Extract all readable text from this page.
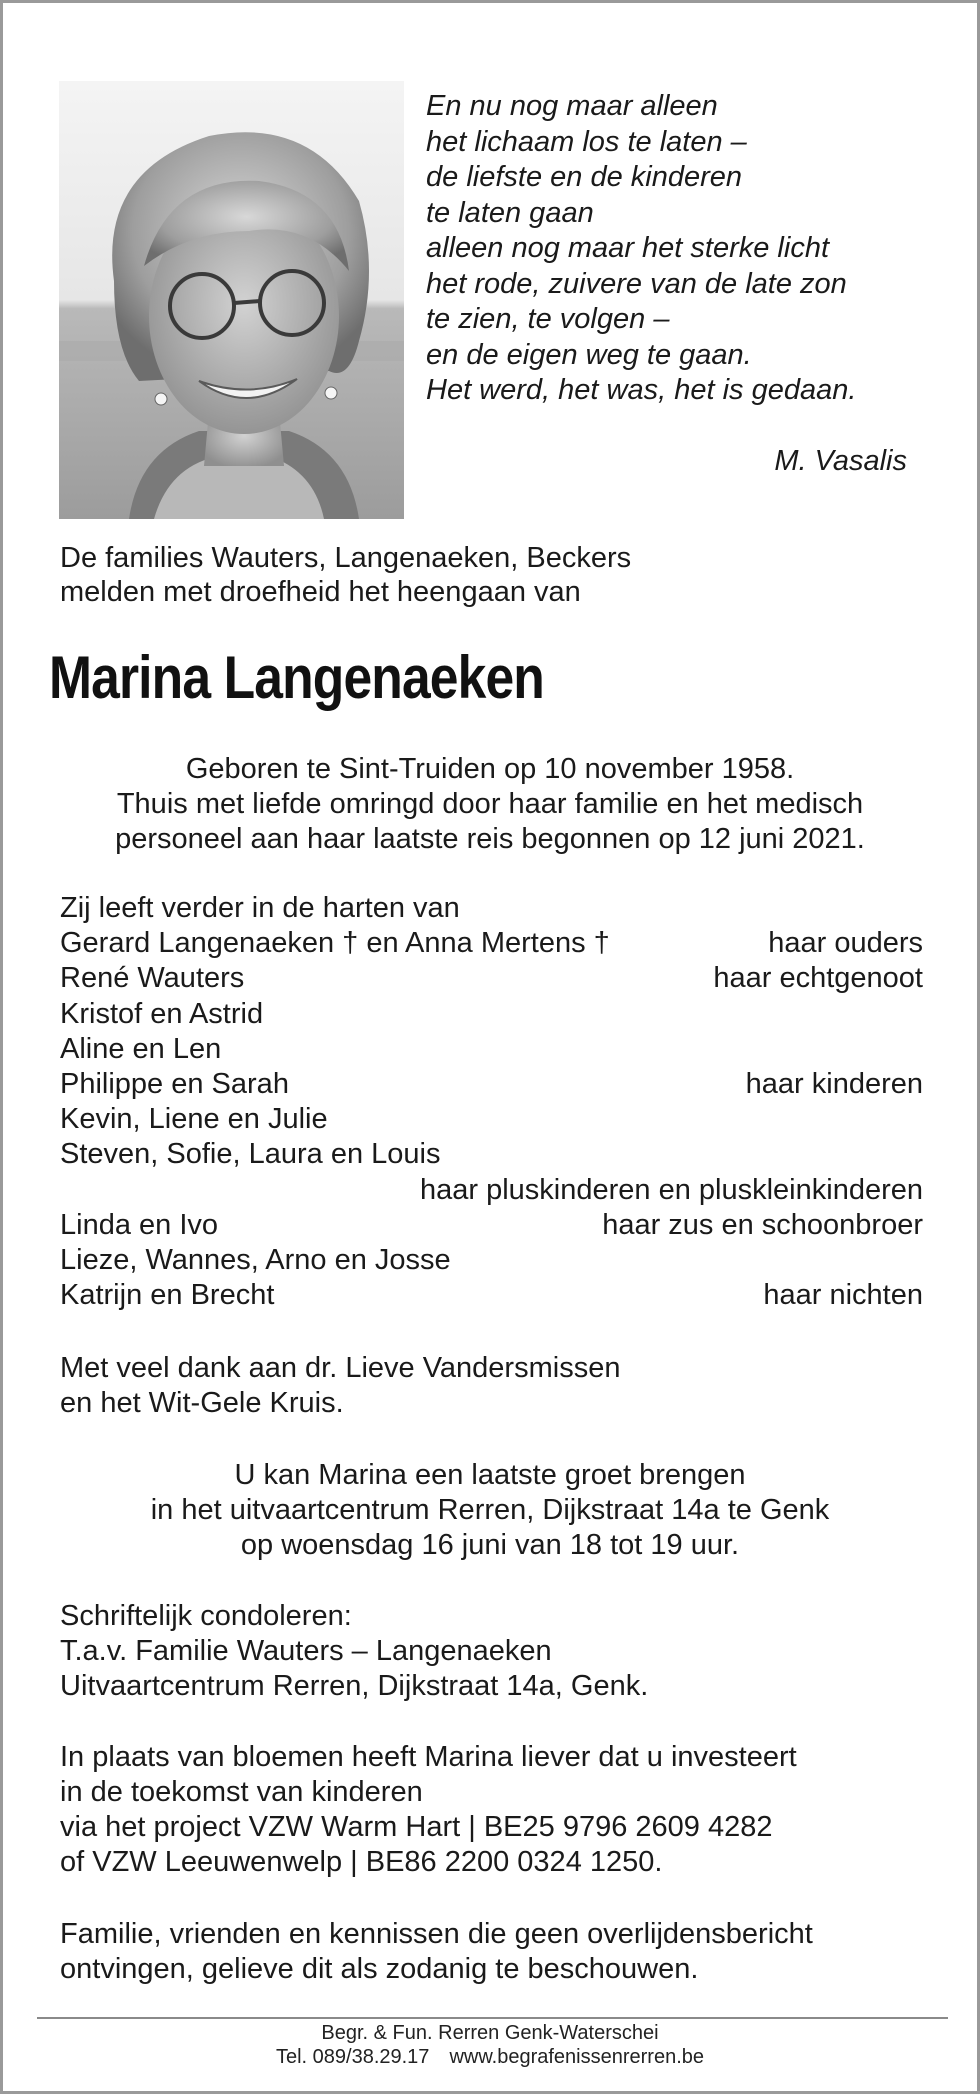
En nu nog maar alleen
het lichaam los te laten –
de liefste en de kinderen
te laten gaan
alleen nog maar het sterke licht
het rode, zuivere van de late zon
te zien, te volgen –
en de eigen weg te gaan.
Het werd, het was, het is gedaan.
M. Vasalis
De families Wauters, Langenaeken, Beckers
melden met droefheid het heengaan van
Marina Langenaeken
Geboren te Sint-Truiden op 10 november 1958.
Thuis met liefde omringd door haar familie en het medisch
personeel aan haar laatste reis begonnen op 12 juni 2021.
Zij leeft verder in de harten van
Gerard Langenaeken † en Anna Mertens †	haar ouders
René Wauters	haar echtgenoot
Kristof en Astrid
Aline en Len
Philippe en Sarah	haar kinderen
Kevin, Liene en Julie
Steven, Sofie, Laura en Louis
haar pluskinderen en pluskleinkinderen
Linda en Ivo	haar zus en schoonbroer
Lieze, Wannes, Arno en Josse
Katrijn en Brecht	haar nichten
Met veel dank aan dr. Lieve Vandersmissen
en het Wit-Gele Kruis.
U kan Marina een laatste groet brengen
in het uitvaartcentrum Rerren, Dijkstraat 14a te Genk
op woensdag 16 juni van 18 tot 19 uur.
Schriftelijk condoleren:
T.a.v. Familie Wauters – Langenaeken
Uitvaartcentrum Rerren, Dijkstraat 14a, Genk.
In plaats van bloemen heeft Marina liever dat u investeert
in de toekomst van kinderen
via het project VZW Warm Hart | BE25 9796 2609 4282
of VZW Leeuwenwelp | BE86 2200 0324 1250.
Familie, vrienden en kennissen die geen overlijdensbericht
ontvingen, gelieve dit als zodanig te beschouwen.
Begr. & Fun. Rerren Genk-Waterschei
Tel. 089/38.29.17 www.begrafenissenrerren.be
